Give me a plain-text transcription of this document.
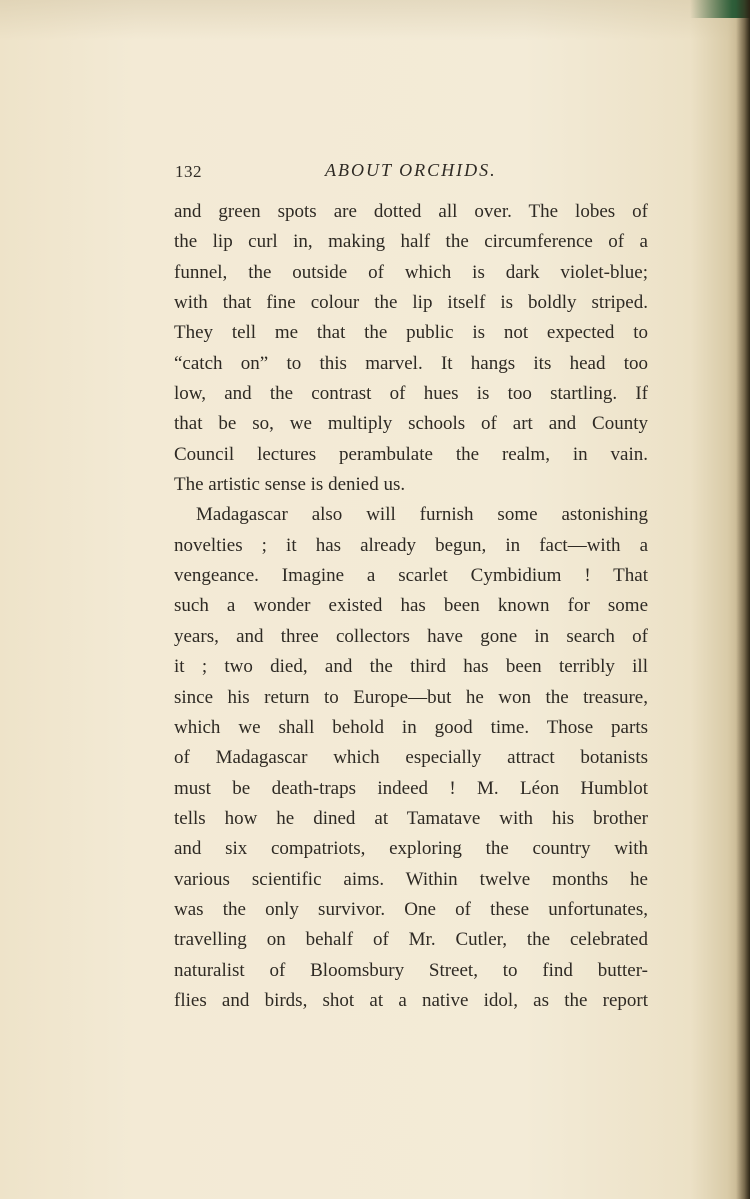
132	ABOUT ORCHIDS.
and green spots are dotted all over. The lobes of
the lip curl in, making half the circumference of a
funnel, the outside of which is dark violet-blue;
with that fine colour the lip itself is boldly striped.
They tell me that the public is not expected to
“catch on” to this marvel. It hangs its head too
low, and the contrast of hues is too startling. If
that be so, we multiply schools of art and County
Council lectures perambulate the realm, in vain.
The artistic sense is denied us.
Madagascar also will furnish some astonishing
novelties ; it has already begun, in fact—with a
vengeance. Imagine a scarlet Cymbidium ! That
such a wonder existed has been known for some
years, and three collectors have gone in search of
it ; two died, and the third has been terribly ill
since his return to Europe—but he won the treasure,
which we shall behold in good time. Those parts
of Madagascar which especially attract botanists
must be death-traps indeed ! M. Léon Humblot
tells how he dined at Tamatave with his brother
and six compatriots, exploring the country with
various scientific aims. Within twelve months he
was the only survivor. One of these unfortunates,
travelling on behalf of Mr. Cutler, the celebrated
naturalist of Bloomsbury Street, to find butter-
flies and birds, shot at a native idol, as the report
